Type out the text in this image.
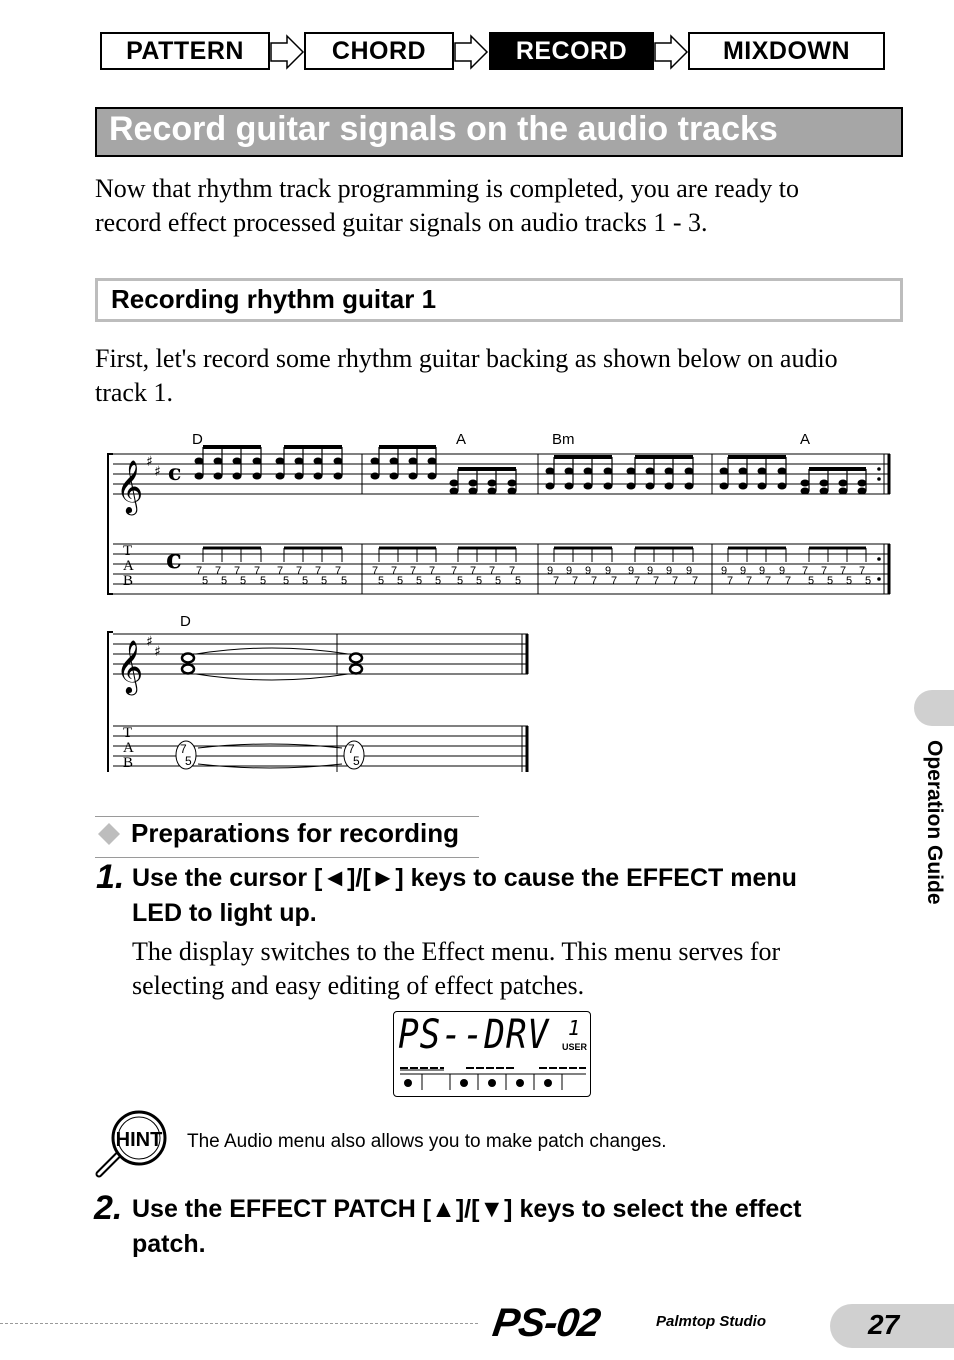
PATTERN	CHORD	RECORD	MIXDOWN
Record guitar signals on the audio tracks
Now that rhythm track programming is completed, you are ready to
record effect processed guitar signals on audio tracks 1 - 3.
Recording rhythm guitar 1
First, let's record some rhythm guitar backing as shown below on audio
track 1.
D	A	Bm	A
7
5
7
5
7
5
7
5
7
5
7
5
7
5
7
5
7
5
7
5
7
5
7
5
7
5
7
5
7
5
7
5
9
7
9
7
9
7
9
7
9
7
9
7
9
7
9
7
9
7
9
7
9
7
9
7
7
5
7
5
7
5
7
5
𝄞 ♯
♯ c
T
A
B
c
D
𝄞 ♯
♯
T
A
B
7
5
7
5
Preparations for recording
1. Use the cursor [◄]/[►] keys to cause the EFFECT menu
LED to light up.
The display switches to the Effect menu. This menu serves for
selecting and easy editing of effect patches.
PS--DRV 1
USER
HINT The Audio menu also allows you to make patch changes.
2. Use the EFFECT PATCH [▲]/[▼] keys to select the effect
patch.
Operation Guide
PS-02	Palmtop Studio	27
